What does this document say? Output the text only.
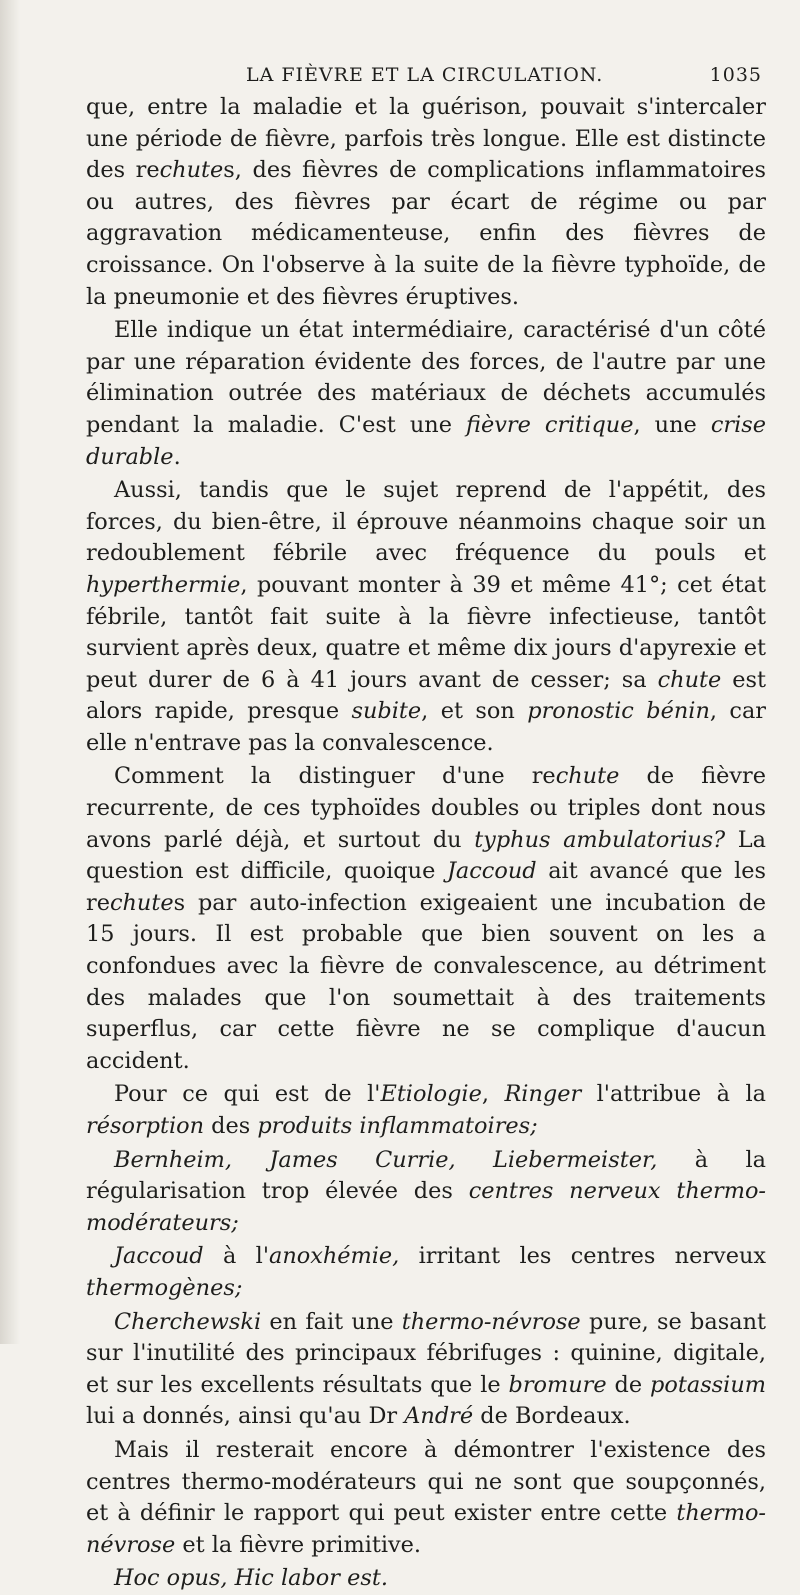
LA FIÈVRE ET LA CIRCULATION.	1035

que, entre la maladie et la guérison, pouvait s'intercaler une période de fièvre, parfois très longue. Elle est distincte des rechutes, des fièvres de complications inflammatoires ou autres, des fièvres par écart de régime ou par aggravation médicamenteuse, enfin des fièvres de croissance. On l'observe à la suite de la fièvre typhoïde, de la pneumonie et des fièvres éruptives.

Elle indique un état intermédiaire, caractérisé d'un côté par une réparation évidente des forces, de l'autre par une élimination outrée des matériaux de déchets accumulés pendant la maladie. C'est une fièvre critique, une crise durable.

Aussi, tandis que le sujet reprend de l'appétit, des forces, du bien-être, il éprouve néanmoins chaque soir un redoublement fébrile avec fréquence du pouls et hyperthermie, pouvant monter à 39 et même 41°; cet état fébrile, tantôt fait suite à la fièvre infectieuse, tantôt survient après deux, quatre et même dix jours d'apyrexie et peut durer de 6 à 41 jours avant de cesser; sa chute est alors rapide, presque subite, et son pronostic bénin, car elle n'entrave pas la convalescence.

Comment la distinguer d'une rechute de fièvre recurrente, de ces typhoïdes doubles ou triples dont nous avons parlé déjà, et surtout du typhus ambulatorius? La question est difficile, quoique Jaccoud ait avancé que les rechutes par auto-infection exigeaient une incubation de 15 jours. Il est probable que bien souvent on les a confondues avec la fièvre de convalescence, au détriment des malades que l'on soumettait à des traitements superflus, car cette fièvre ne se complique d'aucun accident.

Pour ce qui est de l'Etiologie, Ringer l'attribue à la résorption des produits inflammatoires;

Bernheim, James Currie, Liebermeister, à la régularisation trop élevée des centres nerveux thermo-modérateurs;

Jaccoud à l'anoxhémie, irritant les centres nerveux thermogènes;

Cherchewski en fait une thermo-névrose pure, se basant sur l'inutilité des principaux fébrifuges : quinine, digitale, et sur les excellents résultats que le bromure de potassium lui a donnés, ainsi qu'au Dr André de Bordeaux.

Mais il resterait encore à démontrer l'existence des centres thermo-modérateurs qui ne sont que soupçonnés, et à définir le rapport qui peut exister entre cette thermo-névrose et la fièvre primitive.

Hoc opus, Hic labor est.
